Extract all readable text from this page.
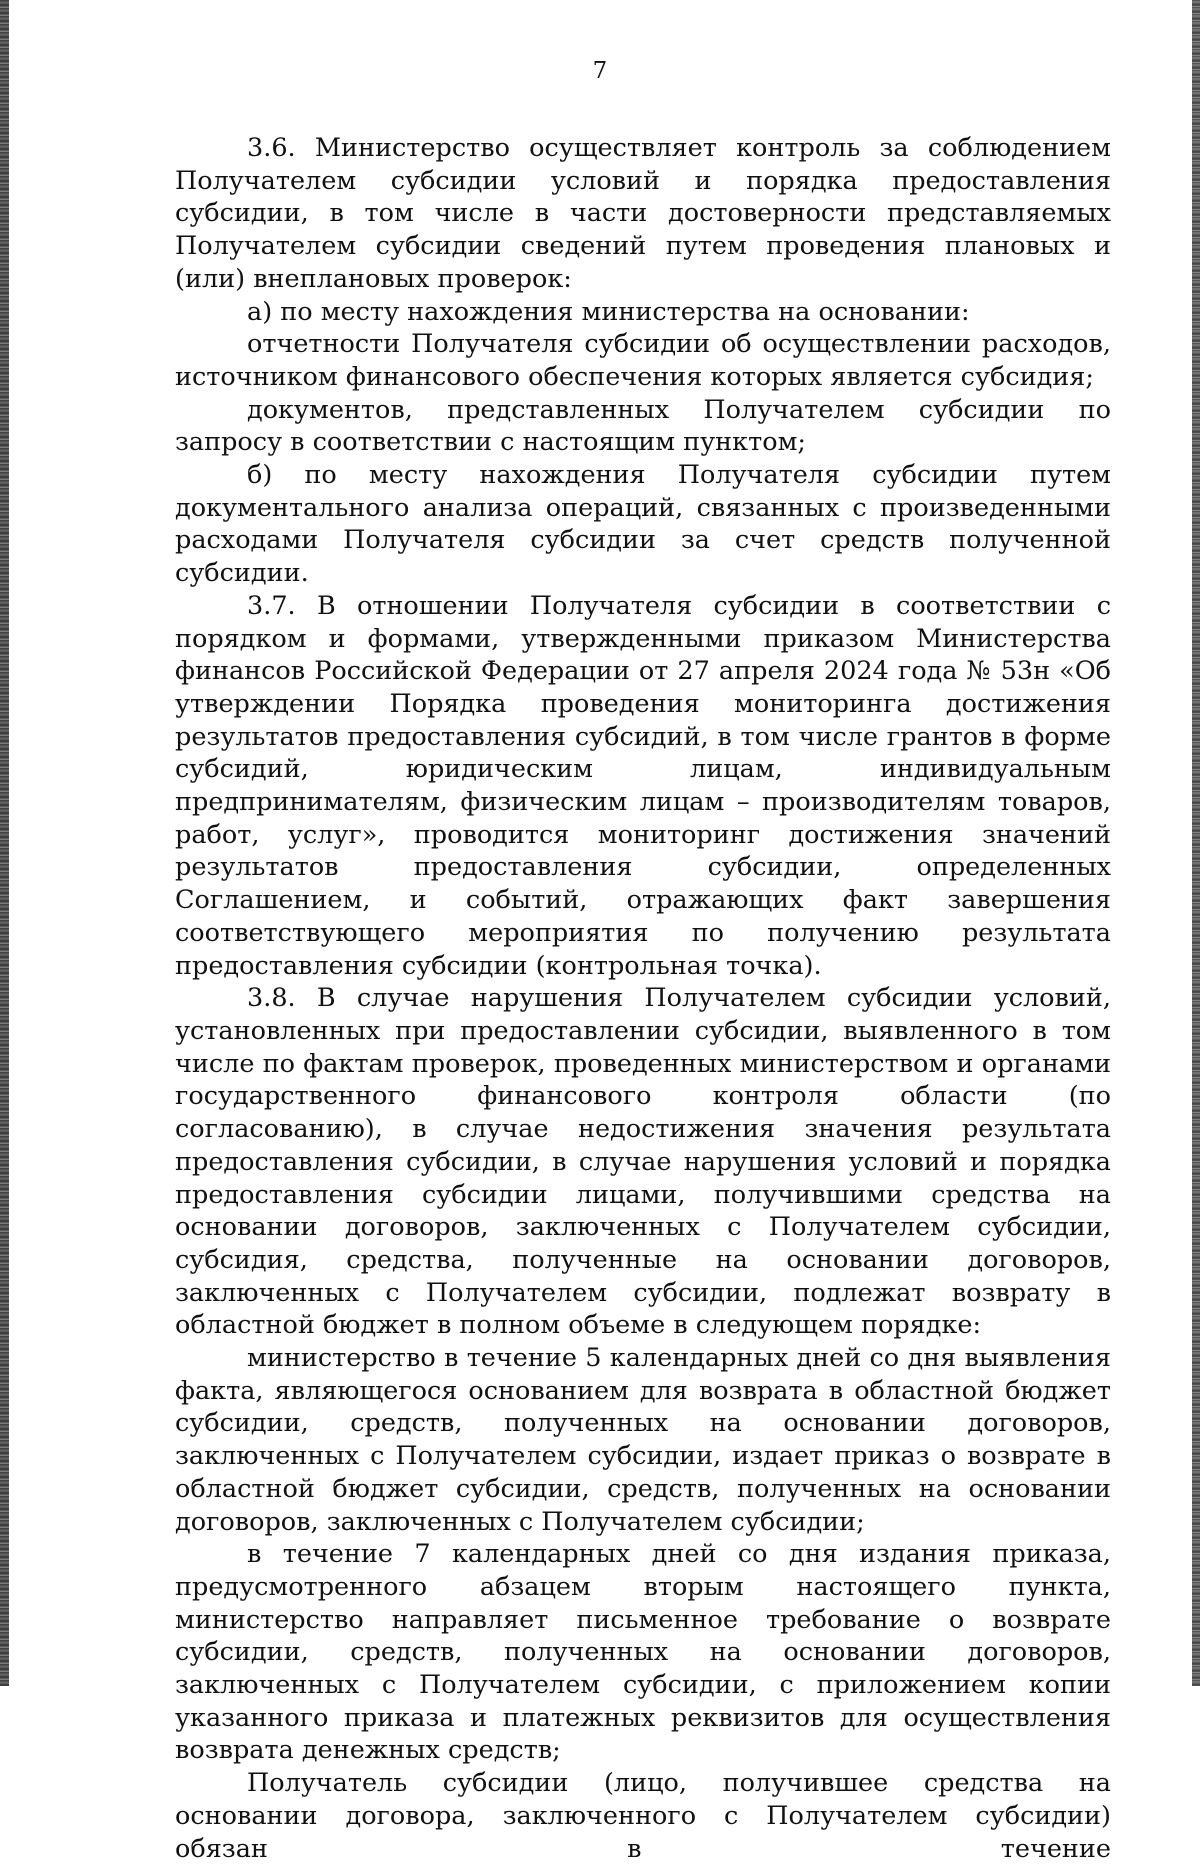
7

3.6. Министерство осуществляет контроль за соблюдением Получателем субсидии условий и порядка предоставления субсидии, в том числе в части достоверности представляемых Получателем субсидии сведений путем проведения плановых и (или) внеплановых проверок:

а) по месту нахождения министерства на основании:

отчетности Получателя субсидии об осуществлении расходов, источником финансового обеспечения которых является субсидия;

документов, представленных Получателем субсидии по запросу в соответствии с настоящим пунктом;

б) по месту нахождения Получателя субсидии путем документального анализа операций, связанных с произведенными расходами Получателя субсидии за счет средств полученной субсидии.

3.7. В отношении Получателя субсидии в соответствии с порядком и формами, утвержденными приказом Министерства финансов Российской Федерации от 27 апреля 2024 года № 53н «Об утверждении Порядка проведения мониторинга достижения результатов предоставления субсидий, в том числе грантов в форме субсидий, юридическим лицам, индивидуальным предпринимателям, физическим лицам – производителям товаров, работ, услуг», проводится мониторинг достижения значений результатов предоставления субсидии, определенных Соглашением, и событий, отражающих факт завершения соответствующего мероприятия по получению результата предоставления субсидии (контрольная точка).

3.8. В случае нарушения Получателем субсидии условий, установленных при предоставлении субсидии, выявленного в том числе по фактам проверок, проведенных министерством и органами государственного финансового контроля области (по согласованию), в случае недостижения значения результата предоставления субсидии, в случае нарушения условий и порядка предоставления субсидии лицами, получившими средства на основании договоров, заключенных с Получателем субсидии, субсидия, средства, полученные на основании договоров, заключенных с Получателем субсидии, подлежат возврату в областной бюджет в полном объеме в следующем порядке:

министерство в течение 5 календарных дней со дня выявления факта, являющегося основанием для возврата в областной бюджет субсидии, средств, полученных на основании договоров, заключенных с Получателем субсидии, издает приказ о возврате в областной бюджет субсидии, средств, полученных на основании договоров, заключенных с Получателем субсидии;

в течение 7 календарных дней со дня издания приказа, предусмотренного абзацем вторым настоящего пункта, министерство направляет письменное требование о возврате субсидии, средств, полученных на основании договоров, заключенных с Получателем субсидии, с приложением копии указанного приказа и платежных реквизитов для осуществления возврата денежных средств;

Получатель субсидии (лицо, получившее средства на основании договора, заключенного с Получателем субсидии) обязан в течение
